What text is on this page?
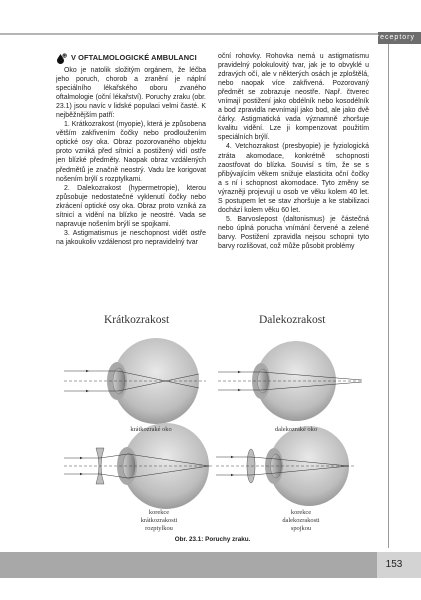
receptory
V OFTALMOLOGICKÉ AMBULANCI

Oko je natolik složitým orgánem, že léčba jeho poruch, chorob a zranění je náplní speciálního lékařského oboru zvaného oftalmologie (oční lékařství). Poruchy zraku (obr. 23.1) jsou navíc v lidské populaci velmi časté. K nejběžnějším patří:

1. Krátkozrakost (myopie), která je způsobena větším zakřivením čočky nebo prodloužením optické osy oka. Obraz pozorovaného objektu proto vzniká před sítnicí a postižený vidí ostře jen blízké předměty. Naopak obraz vzdálených předmětů je značně neostrý. Vadu lze korigovat nošením brýlí s rozptylkami.

2. Dalekozrakost (hypermetropie), kterou způsobuje nedostatečné vyklenutí čočky nebo zkrácení optické osy oka. Obraz proto vzniká za sítnicí a vidění na blízko je neostré. Vada se napravuje nošením brýlí se spojkami.

3. Astigmatismus je neschopnost vidět ostře na jakoukoliv vzdálenost pro nepravidelný tvar

oční rohovky. Rohovka nemá u astigmatismu pravidelný polokulovitý tvar, jak je to obvyklé u zdravých očí, ale v některých osách je zploštělá, nebo naopak více zakřivená. Pozorovaný předmět se zobrazuje neostře. Např. čtverec vnímají postižení jako obdélník nebo kosodélník a bod zpravidla nevnímají jako bod, ale jako dvě čárky. Astigmatická vada významně zhoršuje kvalitu vidění. Lze ji kompenzovat použitím speciálních brýlí.

4. Vetchozrakost (presbyopie) je fyziologická ztráta akomodace, konkrétně schopnosti zaostřovat do blízka. Souvisí s tím, že se s přibývajícím věkem snižuje elasticita oční čočky a s ní i schopnost akomodace. Tyto změny se výrazněji projevují u osob ve věku kolem 40 let. S postupem let se stav zhoršuje a ke stabilizaci dochází kolem věku 60 let.

5. Barvoslepost (daltonismus) je částečná nebo úplná porucha vnímání červené a zelené barvy. Postižení zpravidla nejsou schopni tyto barvy rozlišovat, což může působit problémy

Krátkozrakost	Dalekozrakost
krátkozraké oko	dalekozraké oko
korekce
krátkozrakosti
rozptylkou
korekce
dalekozrakosti
spojkou
Obr. 23.1: Poruchy zraku.
153
